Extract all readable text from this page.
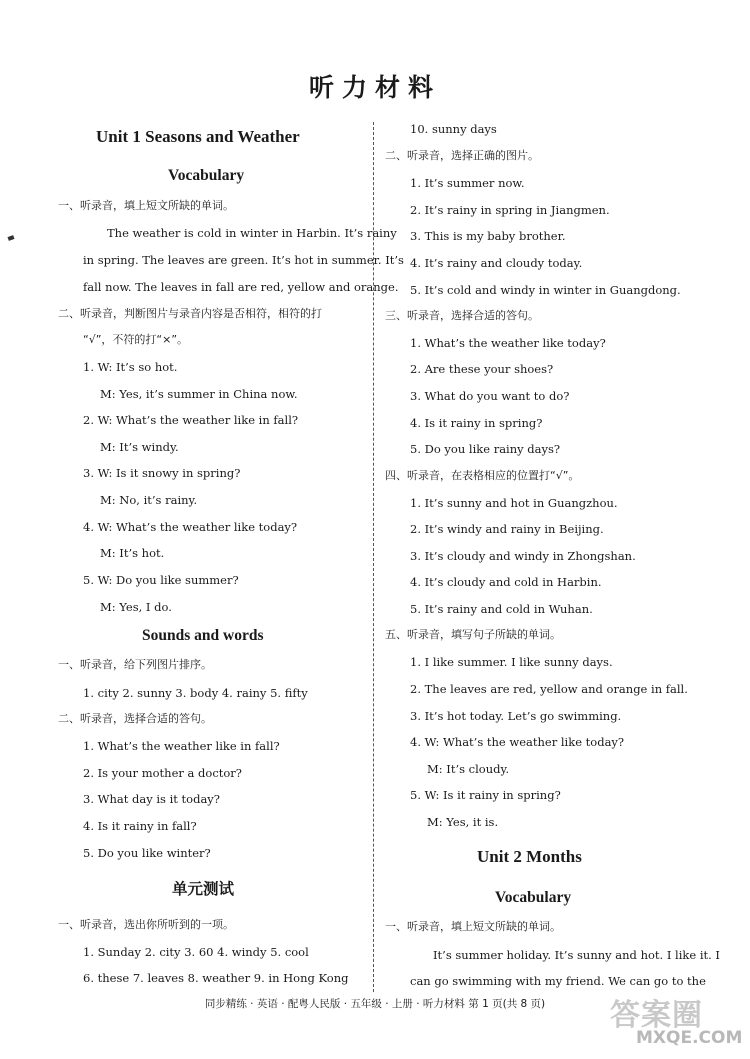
听力材料
Unit 1 Seasons and Weather
Vocabulary
一、听录音，填上短文所缺的单词。
The weather is cold in winter in Harbin. It’s rainy
in spring. The leaves are green. It’s hot in summer. It’s
fall now. The leaves in fall are red, yellow and orange.
二、听录音，判断图片与录音内容是否相符，相符的打
“√”，不符的打“×”。
1. W: It’s so hot.
M: Yes, it’s summer in China now.
2. W: What’s the weather like in fall?
M: It’s windy.
3. W: Is it snowy in spring?
M: No, it’s rainy.
4. W: What’s the weather like today?
M: It’s hot.
5. W: Do you like summer?
M: Yes, I do.
Sounds and words
一、听录音，给下列图片排序。
1. city 2. sunny 3. body 4. rainy 5. fifty
二、听录音，选择合适的答句。
1. What’s the weather like in fall?
2. Is your mother a doctor?
3. What day is it today?
4. Is it rainy in fall?
5. Do you like winter?
单元测试
一、听录音，选出你所听到的一项。
1. Sunday 2. city 3. 60 4. windy 5. cool
6. these 7. leaves 8. weather 9. in Hong Kong
10. sunny days
二、听录音，选择正确的图片。
1. It’s summer now.
2. It’s rainy in spring in Jiangmen.
3. This is my baby brother.
4. It’s rainy and cloudy today.
5. It’s cold and windy in winter in Guangdong.
三、听录音，选择合适的答句。
1. What’s the weather like today?
2. Are these your shoes?
3. What do you want to do?
4. Is it rainy in spring?
5. Do you like rainy days?
四、听录音，在表格相应的位置打“√”。
1. It’s sunny and hot in Guangzhou.
2. It’s windy and rainy in Beijing.
3. It’s cloudy and windy in Zhongshan.
4. It’s cloudy and cold in Harbin.
5. It’s rainy and cold in Wuhan.
五、听录音，填写句子所缺的单词。
1. I like summer. I like sunny days.
2. The leaves are red, yellow and orange in fall.
3. It’s hot today. Let’s go swimming.
4. W: What’s the weather like today?
M: It’s cloudy.
5. W: Is it rainy in spring?
M: Yes, it is.
Unit 2 Months
Vocabulary
一、听录音，填上短文所缺的单词。
It’s summer holiday. It’s sunny and hot. I like it. I
can go swimming with my friend. We can go to the
同步精练 · 英语 · 配粤人民版 · 五年级 · 上册 · 听力材料 第 1 页(共 8 页)	答案圈
MXQE.COM
